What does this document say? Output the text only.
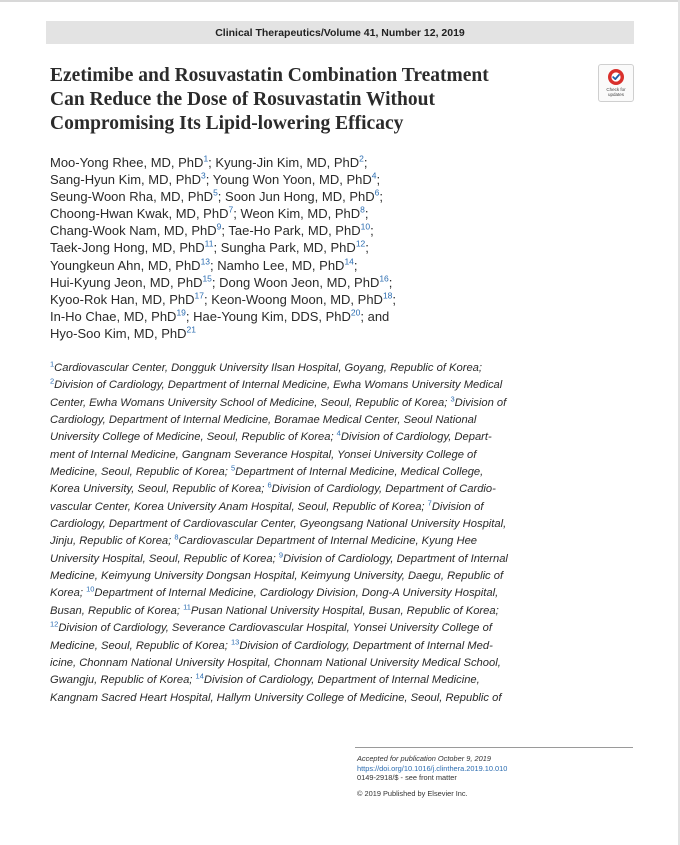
Clinical Therapeutics/Volume 41, Number 12, 2019
Ezetimibe and Rosuvastatin Combination Treatment
Can Reduce the Dose of Rosuvastatin Without
Compromising Its Lipid-lowering Efficacy
Check for
updates
Moo-Yong Rhee, MD, PhD$^1$; Kyung-Jin Kim, MD, PhD$^2$;
Sang-Hyun Kim, MD, PhD$^3$; Young Won Yoon, MD, PhD$^4$;
Seung-Woon Rha, MD, PhD$^5$; Soon Jun Hong, MD, PhD$^6$;
Choong-Hwan Kwak, MD, PhD$^7$; Weon Kim, MD, PhD$^8$;
Chang-Wook Nam, MD, PhD$^9$; Tae-Ho Park, MD, PhD$^{10}$;
Taek-Jong Hong, MD, PhD$^{11}$; Sungha Park, MD, PhD$^{12}$;
Youngkeun Ahn, MD, PhD$^{13}$; Namho Lee, MD, PhD$^{14}$;
Hui-Kyung Jeon, MD, PhD$^{15}$; Dong Woon Jeon, MD, PhD$^{16}$;
Kyoo-Rok Han, MD, PhD$^{17}$; Keon-Woong Moon, MD, PhD$^{18}$;
In-Ho Chae, MD, PhD$^{19}$; Hae-Young Kim, DDS, PhD$^{20}$; and
Hyo-Soo Kim, MD, PhD$^{21}$
$^1$Cardiovascular Center, Dongguk University Ilsan Hospital, Goyang, Republic of Korea;
$^2$Division of Cardiology, Department of Internal Medicine, Ewha Womans University Medical
Center, Ewha Womans University School of Medicine, Seoul, Republic of Korea; $^3$Division of
Cardiology, Department of Internal Medicine, Boramae Medical Center, Seoul National
University College of Medicine, Seoul, Republic of Korea; $^4$Division of Cardiology, Depart-
ment of Internal Medicine, Gangnam Severance Hospital, Yonsei University College of
Medicine, Seoul, Republic of Korea; $^5$Department of Internal Medicine, Medical College,
Korea University, Seoul, Republic of Korea; $^6$Division of Cardiology, Department of Cardio-
vascular Center, Korea University Anam Hospital, Seoul, Republic of Korea; $^7$Division of
Cardiology, Department of Cardiovascular Center, Gyeongsang National University Hospital,
Jinju, Republic of Korea; $^8$Cardiovascular Department of Internal Medicine, Kyung Hee
University Hospital, Seoul, Republic of Korea; $^9$Division of Cardiology, Department of Internal
Medicine, Keimyung University Dongsan Hospital, Keimyung University, Daegu, Republic of
Korea; $^{10}$Department of Internal Medicine, Cardiology Division, Dong-A University Hospital,
Busan, Republic of Korea; $^{11}$Pusan National University Hospital, Busan, Republic of Korea;
$^{12}$Division of Cardiology, Severance Cardiovascular Hospital, Yonsei University College of
Medicine, Seoul, Republic of Korea; $^{13}$Division of Cardiology, Department of Internal Med-
icine, Chonnam National University Hospital, Chonnam National University Medical School,
Gwangju, Republic of Korea; $^{14}$Division of Cardiology, Department of Internal Medicine,
Kangnam Sacred Heart Hospital, Hallym University College of Medicine, Seoul, Republic of
Accepted for publication October 9, 2019
https://doi.org/10.1016/j.clinthera.2019.10.010
0149-2918/$ - see front matter
© 2019 Published by Elsevier Inc.
